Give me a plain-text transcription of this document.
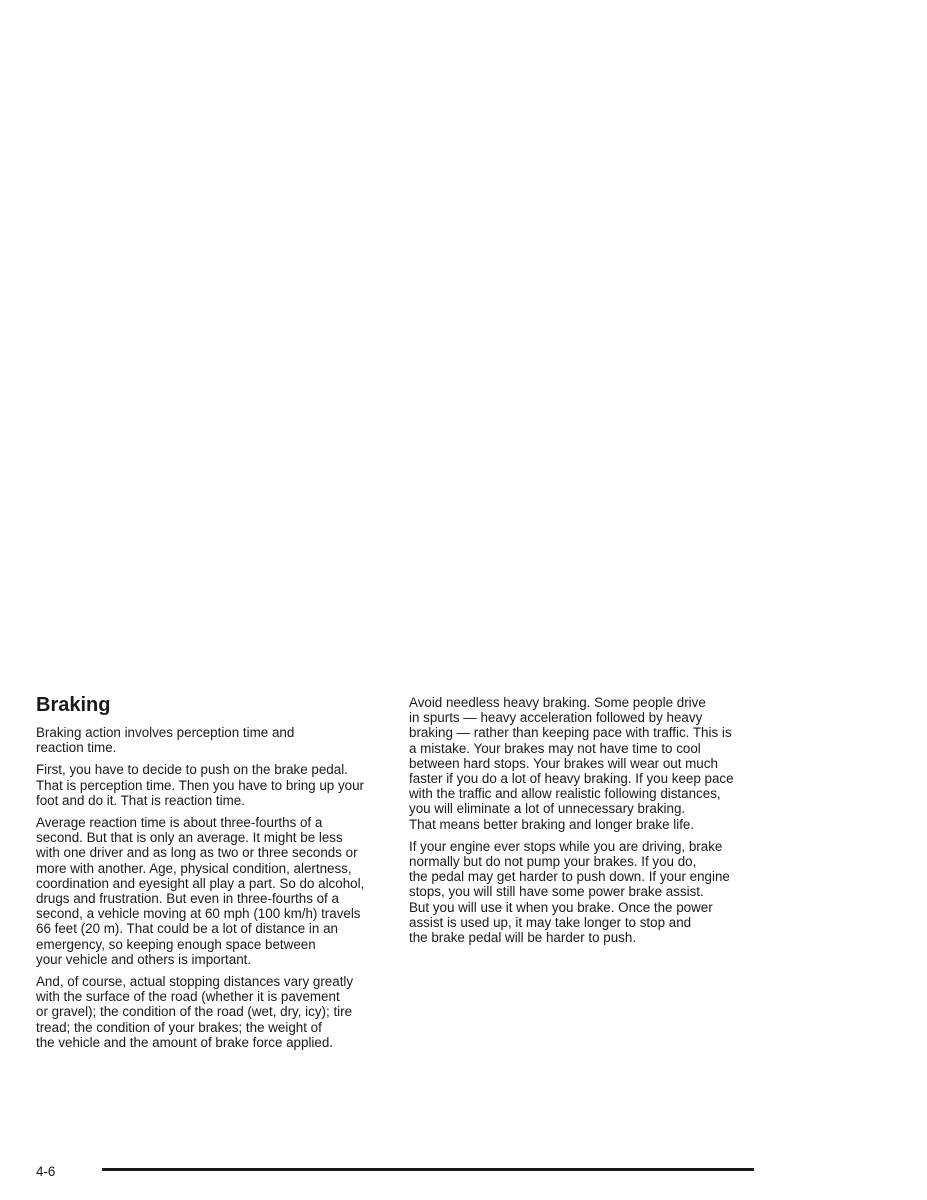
Braking

Braking action involves perception time and
reaction time.

First, you have to decide to push on the brake pedal.
That is perception time. Then you have to bring up your
foot and do it. That is reaction time.

Average reaction time is about three-fourths of a
second. But that is only an average. It might be less
with one driver and as long as two or three seconds or
more with another. Age, physical condition, alertness,
coordination and eyesight all play a part. So do alcohol,
drugs and frustration. But even in three-fourths of a
second, a vehicle moving at 60 mph (100 km/h) travels
66 feet (20 m). That could be a lot of distance in an
emergency, so keeping enough space between
your vehicle and others is important.

And, of course, actual stopping distances vary greatly
with the surface of the road (whether it is pavement
or gravel); the condition of the road (wet, dry, icy); tire
tread; the condition of your brakes; the weight of
the vehicle and the amount of brake force applied.

Avoid needless heavy braking. Some people drive
in spurts — heavy acceleration followed by heavy
braking — rather than keeping pace with traffic. This is
a mistake. Your brakes may not have time to cool
between hard stops. Your brakes will wear out much
faster if you do a lot of heavy braking. If you keep pace
with the traffic and allow realistic following distances,
you will eliminate a lot of unnecessary braking.
That means better braking and longer brake life.

If your engine ever stops while you are driving, brake
normally but do not pump your brakes. If you do,
the pedal may get harder to push down. If your engine
stops, you will still have some power brake assist.
But you will use it when you brake. Once the power
assist is used up, it may take longer to stop and
the brake pedal will be harder to push.

4-6
